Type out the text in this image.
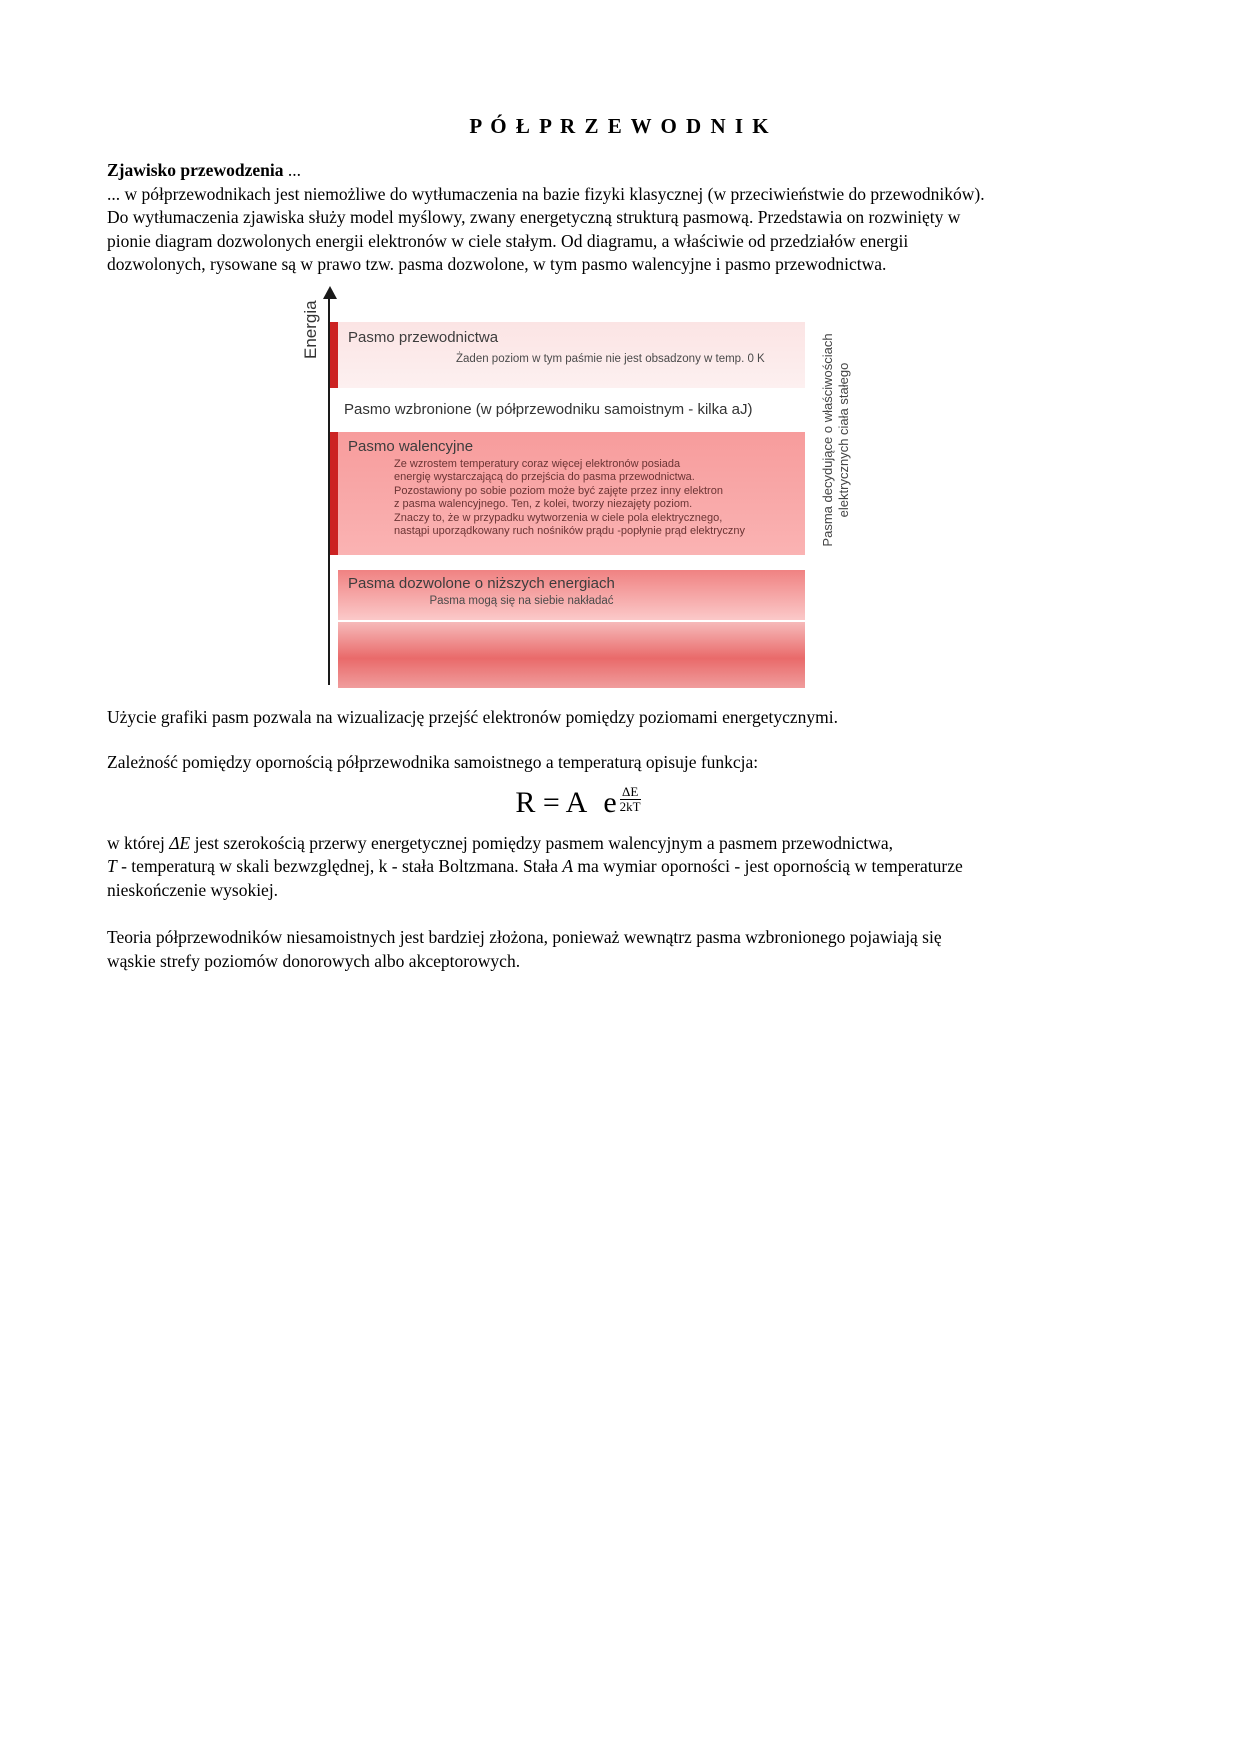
P Ó Ł P R Z E W O D N I K
Zjawisko przewodzenia ...
... w półprzewodnikach jest niemożliwe do wytłumaczenia na bazie fizyki klasycznej (w przeciwieństwie do przewodników).
Do wytłumaczenia zjawiska służy model myślowy, zwany energetyczną strukturą pasmową. Przedstawia on rozwinięty w
pionie diagram dozwolonych energii elektronów w ciele stałym. Od diagramu, a właściwie od przedziałów energii
dozwolonych, rysowane są w prawo tzw. pasma dozwolone, w tym pasmo walencyjne i pasmo przewodnictwa.
Energia Pasmo przewodnictwa
Żaden poziom w tym paśmie nie jest obsadzony w temp. 0 K
Pasmo wzbronione (w półprzewodniku samoistnym - kilka aJ)
Pasmo walencyjne
Ze wzrostem temperatury coraz więcej elektronów posiada
energię wystarczającą do przejścia do pasma przewodnictwa.
Pozostawiony po sobie poziom może być zajęte przez inny elektron
z pasma walencyjnego. Ten, z kolei, tworzy niezajęty poziom.
Znaczy to, że w przypadku wytworzenia w ciele pola elektrycznego,
nastąpi uporządkowany ruch nośników prądu -popłynie prąd elektryczny
Pasma dozwolone o niższych energiach
Pasma mogą się na siebie nakładać
Pasma decydujące o właściwościach elektrycznych ciała stałego

Użycie grafiki pasm pozwala na wizualizację przejść elektronów pomiędzy poziomami energetycznymi.

Zależność pomiędzy opornością półprzewodnika samoistnego a temperaturą opisuje funkcja:

R = A e $\frac{\Delta E}{2kT}$

w której ΔE jest szerokością przerwy energetycznej pomiędzy pasmem walencyjnym a pasmem przewodnictwa,
T - temperaturą w skali bezwzględnej, k - stała Boltzmana. Stała A ma wymiar oporności - jest opornością w temperaturze
nieskończenie wysokiej.

Teoria półprzewodników niesamoistnych jest bardziej złożona, ponieważ wewnątrz pasma wzbronionego pojawiają się
wąskie strefy poziomów donorowych albo akceptorowych.
